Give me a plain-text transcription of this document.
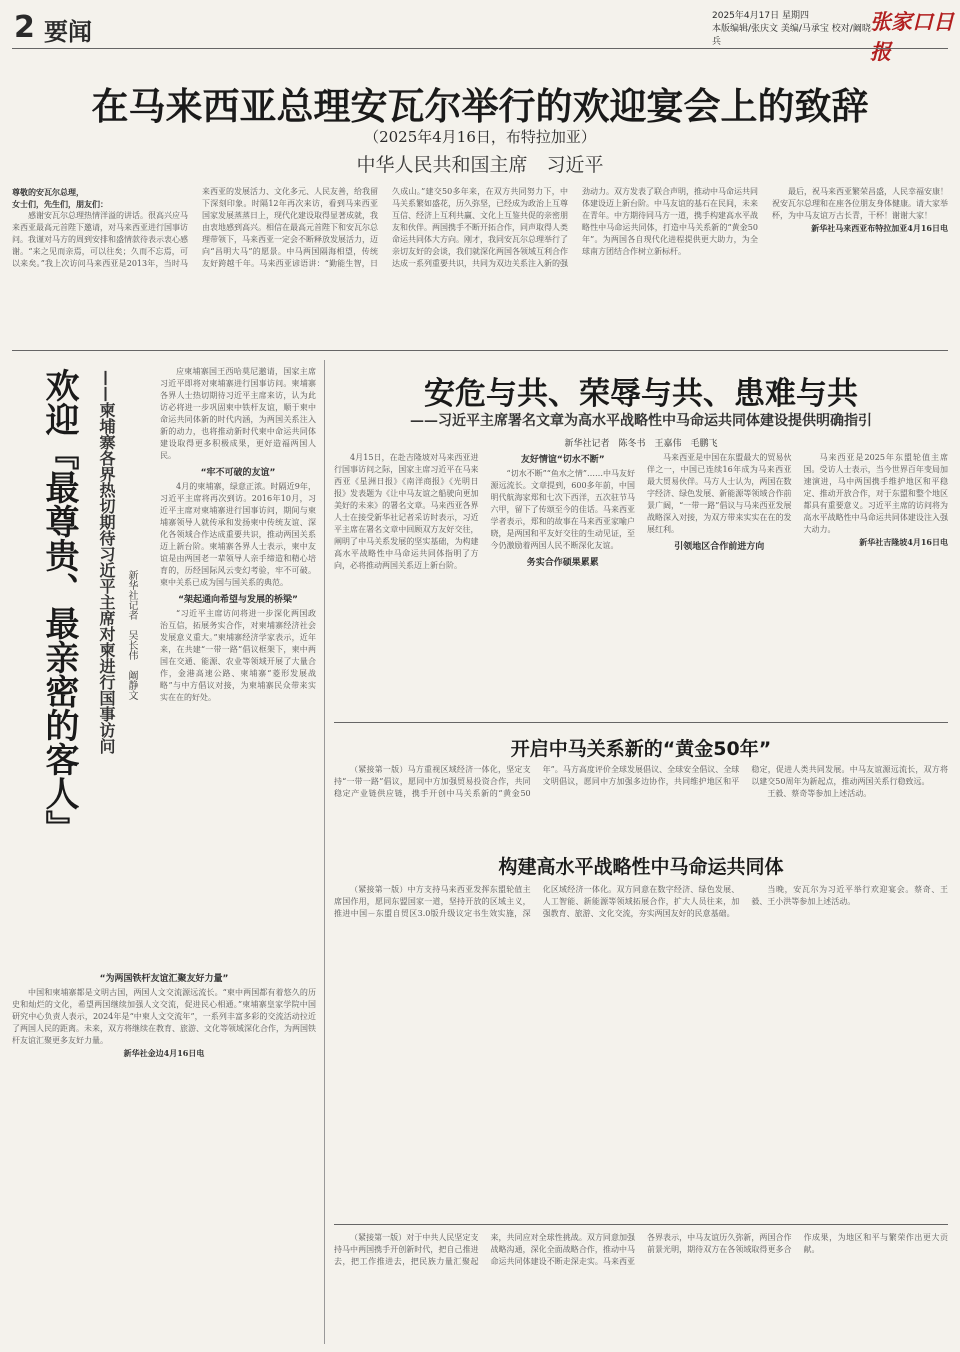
2 要闻
2025年4月17日 星期四
本版编辑/张庆文 美编/马承宝 校对/阚晓兵
张家口日报
在马来西亚总理安瓦尔举行的欢迎宴会上的致辞
（2025年4月16日，布特拉加亚）
中华人民共和国主席　习近平

尊敬的安瓦尔总理，

女士们，先生们，朋友们：

感谢安瓦尔总理热情洋溢的讲话。很高兴应马来西亚最高元首陛下邀请，对马来西亚进行国事访问。我谨对马方的周到安排和盛情款待表示衷心感谢。“来之见而亲焉，可以往矣；久而不忘焉，可以来矣。”我上次访问马来西亚是2013年，当时马来西亚的发展活力、文化多元、人民友善，给我留下深刻印象。时隔12年再次来访，看到马来西亚国家发展蒸蒸日上，现代化建设取得显著成就，我由衷地感到高兴。相信在最高元首陛下和安瓦尔总理带领下，马来西亚一定会不断释放发展活力，迈向“昌明大马”的愿景。中马两国隔海相望，传统友好跨越千年。马来西亚谚语讲：“勤能生智，日久成山。”建交50多年来，在双方共同努力下，中马关系繁如盛花，历久弥坚，已经成为政治上互尊互信、经济上互利共赢、文化上互鉴共促的亲密朋友和伙伴。两国携手不断开拓合作，同声取得人类命运共同体大方向。刚才，我同安瓦尔总理举行了亲切友好的会谈，我们就深化两国各领域互利合作达成一系列重要共识，共同为双边关系注入新的强劲动力。双方发表了联合声明，推动中马命运共同体建设迈上新台阶。中马友谊的基石在民间，未来在青年。中方期待同马方一道，携手构建高水平战略性中马命运共同体，打造中马关系新的“黄金50年”。为两国各自现代化进程提供更大助力，为全球南方团结合作树立新标杆。

最后，祝马来西亚繁荣昌盛，人民幸福安康！祝安瓦尔总理和在座各位朋友身体健康。请大家举杯，为中马友谊万古长青，干杯！谢谢大家！

新华社马来西亚布特拉加亚4月16日电

欢迎『最尊贵、最亲密的客人』 ——柬埔寨各界热切期待习近平主席对柬进行国事访问 新华社记者　吴长伟　阚静文

应柬埔寨国王西哈莫尼邀请，国家主席习近平即将对柬埔寨进行国事访问。柬埔寨各界人士热切期待习近平主席来访，认为此访必将进一步巩固柬中铁杆友谊，顺于柬中命运共同体新的时代内涵，为两国关系注入新的动力，也将推动新时代柬中命运共同体建设取得更多积极成果，更好造福两国人民。

“牢不可破的友谊”

4月的柬埔寨，绿意正浓。时隔近9年，习近平主席将再次到访。2016年10月，习近平主席对柬埔寨进行国事访问，期间与柬埔寨领导人就传承和发扬柬中传统友谊、深化各领域合作达成重要共识，推动两国关系迈上新台阶。柬埔寨各界人士表示，柬中友谊是由两国老一辈领导人亲手缔造和精心培育的，历经国际风云变幻考验，牢不可破。柬中关系已成为国与国关系的典范。

“架起通向希望与发展的桥梁”

“习近平主席访问将进一步深化两国政治互信，拓展务实合作，对柬埔寨经济社会发展意义重大。”柬埔寨经济学家表示，近年来，在共建“一带一路”倡议框架下，柬中两国在交通、能源、农业等领域开展了大量合作，金港高速公路、柬埔寨“菱形发展战略”与中方倡议对接，为柬埔寨民众带来实实在在的好处。

“为两国铁杆友谊汇聚友好力量”

中国和柬埔寨都是文明古国，两国人文交流源远流长。“柬中两国都有着悠久的历史和灿烂的文化，希望两国继续加强人文交流，促进民心相通。”柬埔寨皇家学院中国研究中心负责人表示，2024年是“中柬人文交流年”，一系列丰富多彩的交流活动拉近了两国人民的距离。未来，双方将继续在教育、旅游、文化等领域深化合作，为两国铁杆友谊汇聚更多友好力量。

新华社金边4月16日电

安危与共、荣辱与共、患难与共
——习近平主席署名文章为高水平战略性中马命运共同体建设提供明确指引
新华社记者　陈冬书　王嘉伟　毛鹏飞

4月15日，在赴吉隆坡对马来西亚进行国事访问之际，国家主席习近平在马来西亚《星洲日报》《南洋商报》《光明日报》发表题为《让中马友谊之船驶向更加美好的未来》的署名文章。马来西亚各界人士在接受新华社记者采访时表示，习近平主席在署名文章中回顾双方友好交往，阐明了中马关系发展的坚实基础，为构建高水平战略性中马命运共同体指明了方向，必将推动两国关系迈上新台阶。

友好情谊“切水不断”

“切水不断”“鱼水之情”……中马友好源远流长。文章提到，600多年前，中国明代航海家郑和七次下西洋，五次驻节马六甲，留下了传颂至今的佳话。马来西亚学者表示，郑和的故事在马来西亚家喻户晓，是两国和平友好交往的生动见证，至今仍激励着两国人民不断深化友谊。

务实合作硕果累累

马来西亚是中国在东盟最大的贸易伙伴之一，中国已连续16年成为马来西亚最大贸易伙伴。马方人士认为，两国在数字经济、绿色发展、新能源等领域合作前景广阔，“一带一路”倡议与马来西亚发展战略深入对接，为双方带来实实在在的发展红利。

引领地区合作前进方向

马来西亚是2025年东盟轮值主席国。受访人士表示，当今世界百年变局加速演进，马中两国携手维护地区和平稳定、推动开放合作，对于东盟和整个地区都具有重要意义。习近平主席的访问将为高水平战略性中马命运共同体建设注入强大动力。

新华社吉隆坡4月16日电

开启中马关系新的“黄金50年”

（紧接第一版）马方重视区域经济一体化，坚定支持“一带一路”倡议，愿同中方加强贸易投资合作，共同稳定产业链供应链，携手开创中马关系新的“黄金50年”。马方高度评价全球发展倡议、全球安全倡议、全球文明倡议，愿同中方加强多边协作，共同维护地区和平稳定，促进人类共同发展。中马友谊源远流长，双方将以建交50周年为新起点，推动两国关系行稳致远。

王毅、蔡奇等参加上述活动。

构建高水平战略性中马命运共同体

（紧接第一版）中方支持马来西亚发挥东盟轮值主席国作用，愿同东盟国家一道，坚持开放的区域主义，推进中国－东盟自贸区3.0版升级议定书生效实施，深化区域经济一体化。双方同意在数字经济、绿色发展、人工智能、新能源等领域拓展合作，扩大人员往来，加强教育、旅游、文化交流，夯实两国友好的民意基础。

当晚，安瓦尔为习近平举行欢迎宴会。蔡奇、王毅、王小洪等参加上述活动。

（紧接第一版）对于中共人民坚定支持马中两国携手开创新时代，把自己推进去，把工作推进去，把民族力量汇聚起来，共同应对全球性挑战。双方同意加强战略沟通，深化全面战略合作，推动中马命运共同体建设不断走深走实。马来西亚各界表示，中马友谊历久弥新，两国合作前景光明，期待双方在各领域取得更多合作成果，为地区和平与繁荣作出更大贡献。
